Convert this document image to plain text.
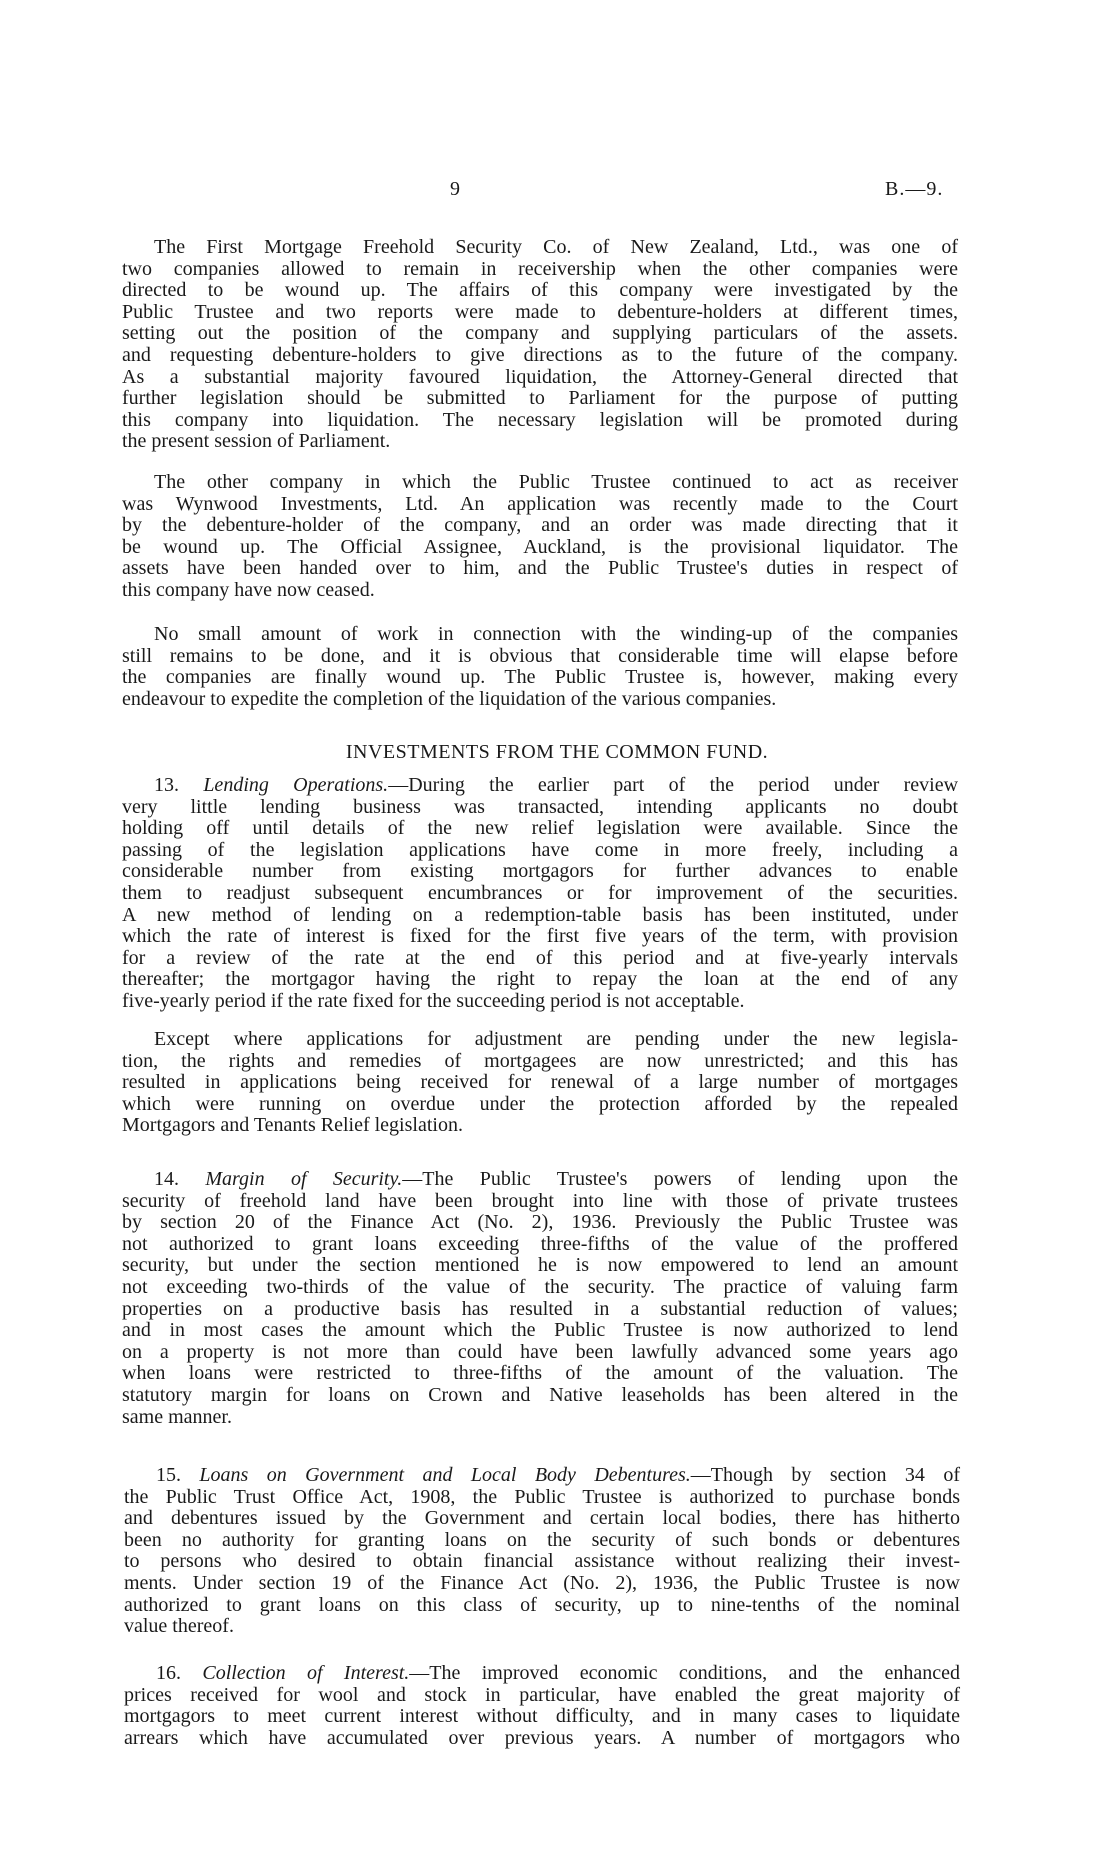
9	B.—9.
INVESTMENTS FROM THE COMMON FUND.
The First Mortgage Freehold Security Co. of New Zealand, Ltd., was one of
two companies allowed to remain in receivership when the other companies were
directed to be wound up. The affairs of this company were investigated by the
Public Trustee and two reports were made to debenture-holders at different times,
setting out the position of the company and supplying particulars of the assets.
and requesting debenture-holders to give directions as to the future of the company.
As a substantial majority favoured liquidation, the Attorney-General directed that
further legislation should be submitted to Parliament for the purpose of putting
this company into liquidation. The necessary legislation will be promoted during
the present session of Parliament.
The other company in which the Public Trustee continued to act as receiver
was Wynwood Investments, Ltd. An application was recently made to the Court
by the debenture-holder of the company, and an order was made directing that it
be wound up. The Official Assignee, Auckland, is the provisional liquidator. The
assets have been handed over to him, and the Public Trustee's duties in respect of
this company have now ceased.
No small amount of work in connection with the winding-up of the companies
still remains to be done, and it is obvious that considerable time will elapse before
the companies are finally wound up. The Public Trustee is, however, making every
endeavour to expedite the completion of the liquidation of the various companies.
13. Lending Operations.—During the earlier part of the period under review
very little lending business was transacted, intending applicants no doubt
holding off until details of the new relief legislation were available. Since the
passing of the legislation applications have come in more freely, including a
considerable number from existing mortgagors for further advances to enable
them to readjust subsequent encumbrances or for improvement of the securities.
A new method of lending on a redemption-table basis has been instituted, under
which the rate of interest is fixed for the first five years of the term, with provision
for a review of the rate at the end of this period and at five-yearly intervals
thereafter; the mortgagor having the right to repay the loan at the end of any
five-yearly period if the rate fixed for the succeeding period is not acceptable.
Except where applications for adjustment are pending under the new legisla-
tion, the rights and remedies of mortgagees are now unrestricted; and this has
resulted in applications being received for renewal of a large number of mortgages
which were running on overdue under the protection afforded by the repealed
Mortgagors and Tenants Relief legislation.
14. Margin of Security.—The Public Trustee's powers of lending upon the
security of freehold land have been brought into line with those of private trustees
by section 20 of the Finance Act (No. 2), 1936. Previously the Public Trustee was
not authorized to grant loans exceeding three-fifths of the value of the proffered
security, but under the section mentioned he is now empowered to lend an amount
not exceeding two-thirds of the value of the security. The practice of valuing farm
properties on a productive basis has resulted in a substantial reduction of values;
and in most cases the amount which the Public Trustee is now authorized to lend
on a property is not more than could have been lawfully advanced some years ago
when loans were restricted to three-fifths of the amount of the valuation. The
statutory margin for loans on Crown and Native leaseholds has been altered in the
same manner.
15. Loans on Government and Local Body Debentures.—Though by section 34 of
the Public Trust Office Act, 1908, the Public Trustee is authorized to purchase bonds
and debentures issued by the Government and certain local bodies, there has hitherto
been no authority for granting loans on the security of such bonds or debentures
to persons who desired to obtain financial assistance without realizing their invest-
ments. Under section 19 of the Finance Act (No. 2), 1936, the Public Trustee is now
authorized to grant loans on this class of security, up to nine-tenths of the nominal
value thereof.
16. Collection of Interest.—The improved economic conditions, and the enhanced
prices received for wool and stock in particular, have enabled the great majority of
mortgagors to meet current interest without difficulty, and in many cases to liquidate
arrears which have accumulated over previous years. A number of mortgagors who
